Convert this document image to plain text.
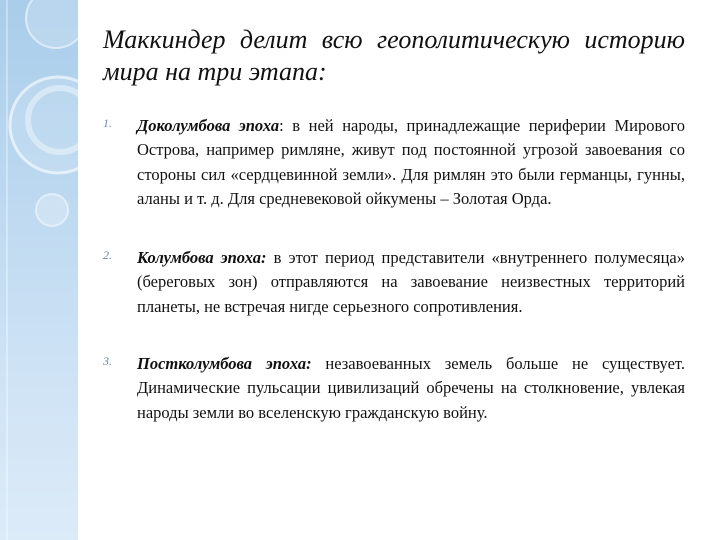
Маккиндер делит всю геополитическую историю мира на три этапа:
1. Доколумбова эпоха: в ней народы, принадлежащие периферии Мирового Острова, например римляне, живут под постоянной угрозой завоевания со стороны сил «сердцевинной земли». Для римлян это были германцы, гунны, аланы и т. д. Для средневековой ойкумены – Золотая Орда.
2. Колумбова эпоха: в этот период представители «внутреннего полумесяца» (береговых зон) отправляются на завоевание неизвестных территорий планеты, не встречая нигде серьезного сопротивления.
3. Постколумбова эпоха: незавоеванных земель больше не существует. Динамические пульсации цивилизаций обречены на столкновение, увлекая народы земли во вселенскую гражданскую войну.
